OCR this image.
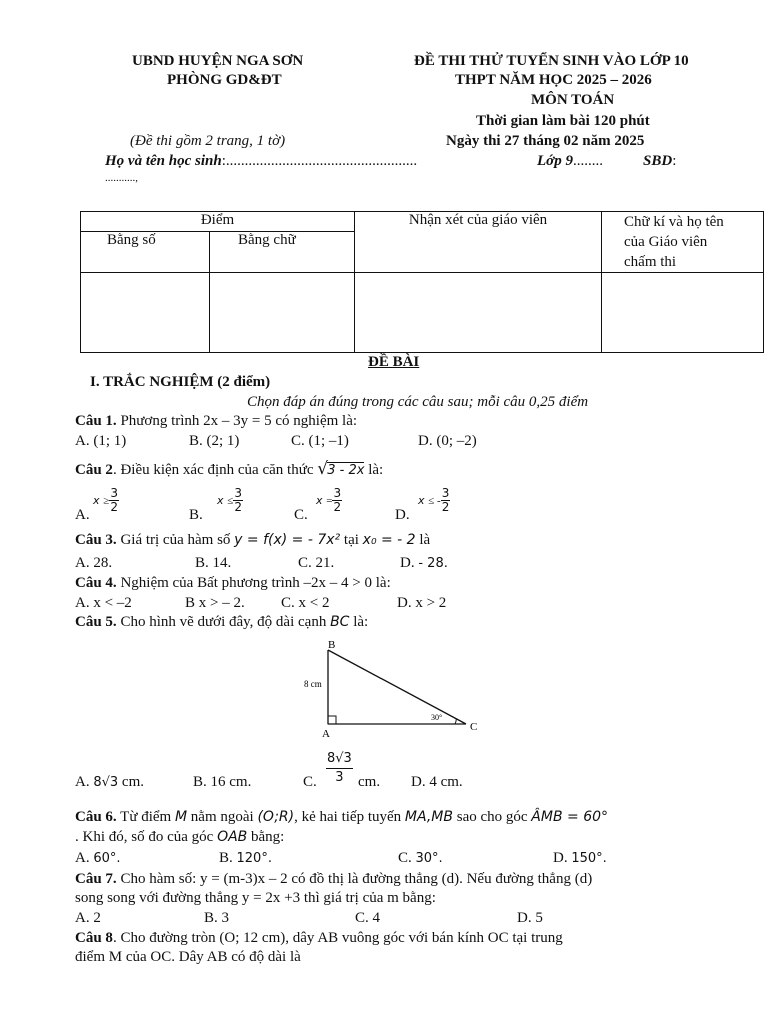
UBND HUYỆN NGA SƠN
PHÒNG GD&ĐT
(Đề thi gồm 2 trang, 1 tờ)
ĐỀ THI THỬ TUYỂN SINH VÀO LỚP 10
THPT NĂM HỌC 2025 – 2026
MÔN TOÁN
Thời gian làm bài 120 phút
Ngày thi 27 tháng 02 năm 2025
Họ và tên học sinh:...................................................	Lớp 9........	SBD:
...........,
Điểm		Nhận xét của giáo viên	Chữ kí và họ tên
của Giáo viên
chấm thi

Bằng số	Bằng chữ		

ĐỀ BÀI
I. TRẮC NGHIỆM (2 điểm)
Chọn đáp án đúng trong các câu sau; mỗi câu 0,25 điểm
Câu 1. Phương trình 2x – 3y = 5 có nghiệm là:
A. (1; 1)	B. (2; 1)	C. (1; –1)	D. (0; –2)
Câu 2. Điều kiện xác định của căn thức √ 3 - 2x là:
A.
$x \ge \frac{3}{2}$
B.
$x \le \frac{3}{2}$
C.
$x = \frac{3}{2}$
D.
x ≤ - $\frac{3}{2}$
Câu 3. Giá trị của hàm số y = f(x) = - 7x² tại x₀ = - 2 là
A. 28.	B. 14.	C. 21.	D. - 28.
Câu 4. Nghiệm của Bất phương trình –2x – 4 > 0 là:
A. x < –2	B x > – 2. C. x < 2	D. x > 2
Câu 5. Cho hình vẽ dưới đây, độ dài cạnh BC là:
B
A
C
8 cm
30°
A. 8√3 cm.	B. 16 cm.	C. $\frac{8√3}{3}$ cm. D. 4 cm.
Câu 6. Từ điểm M nằm ngoài (O;R), kẻ hai tiếp tuyến MA,MB sao cho góc ÂMB = 60°
. Khi đó, số đo của góc OAB bằng:
A. 60°.	B. 120°.	C. 30°.	D. 150°.
Câu 7. Cho hàm số: y = (m-3)x – 2 có đồ thị là đường thẳng (d). Nếu đường thẳng (d)
song song với đường thẳng y = 2x +3 thì giá trị của m bằng:
A. 2	B. 3	C. 4	D. 5
Câu 8. Cho đường tròn (O; 12 cm), dây AB vuông góc với bán kính OC tại trung
điểm M của OC. Dây AB có độ dài là
